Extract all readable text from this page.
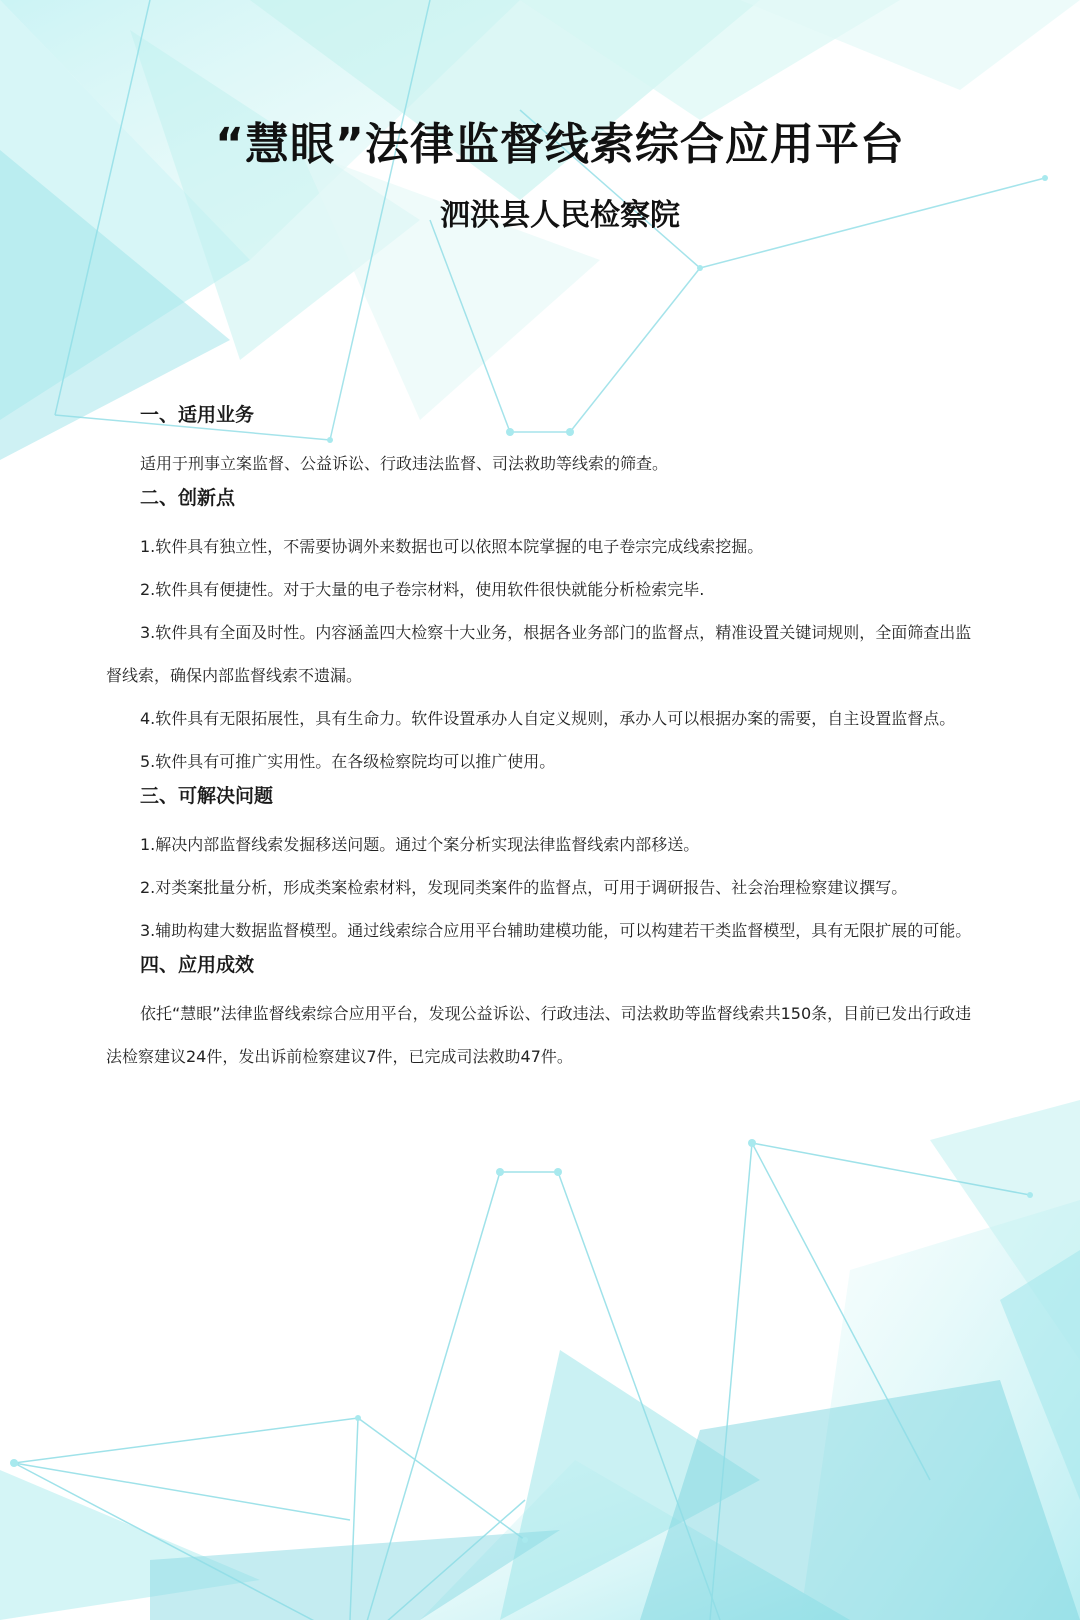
“慧眼”法律监督线索综合应用平台
泗洪县人民检察院
一、适用业务

适用于刑事立案监督、公益诉讼、行政违法监督、司法救助等线索的筛查。

二、创新点

1.软件具有独立性，不需要协调外来数据也可以依照本院掌握的电子卷宗完成线索挖掘。

2.软件具有便捷性。对于大量的电子卷宗材料，使用软件很快就能分析检索完毕.

3.软件具有全面及时性。内容涵盖四大检察十大业务，根据各业务部门的监督点，精准设置关键词规则，全面筛查出监督线索，确保内部监督线索不遗漏。

4.软件具有无限拓展性，具有生命力。软件设置承办人自定义规则，承办人可以根据办案的需要，自主设置监督点。

5.软件具有可推广实用性。在各级检察院均可以推广使用。

三、可解决问题

1.解决内部监督线索发掘移送问题。通过个案分析实现法律监督线索内部移送。

2.对类案批量分析，形成类案检索材料，发现同类案件的监督点，可用于调研报告、社会治理检察建议撰写。

3.辅助构建大数据监督模型。通过线索综合应用平台辅助建模功能，可以构建若干类监督模型，具有无限扩展的可能。

四、应用成效

依托“慧眼”法律监督线索综合应用平台，发现公益诉讼、行政违法、司法救助等监督线索共150条，目前已发出行政违法检察建议24件，发出诉前检察建议7件，已完成司法救助47件。
